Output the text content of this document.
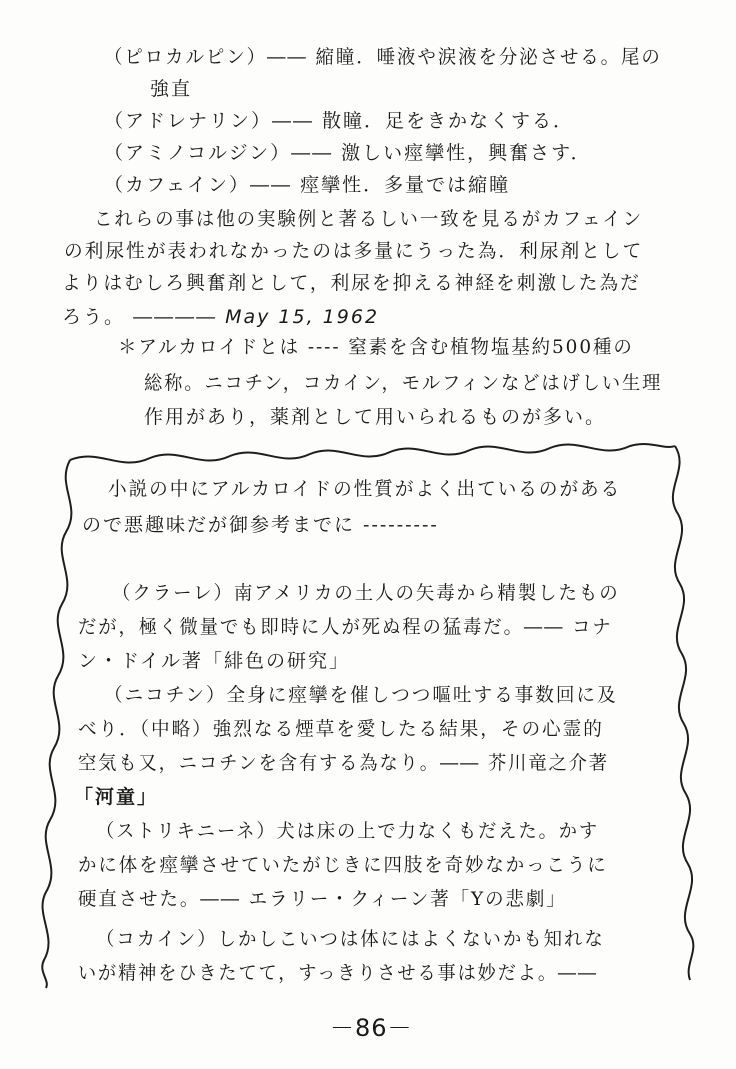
（ピロカルピン）―― 縮瞳．唾液や涙液を分泌させる。尾の
強直
（アドレナリン）―― 散瞳．足をきかなくする．
（アミノコルジン）―― 激しい痙攣性，興奮さす．
（カフェイン）―― 痙攣性．多量では縮瞳
これらの事は他の実験例と著るしい一致を見るがカフェイン
の利尿性が表われなかったのは多量にうった為．利尿剤として
よりはむしろ興奮剤として，利尿を抑える神経を刺激した為だ
ろう。 ―――― May 15, 1962
＊アルカロイドとは ---- 窒素を含む植物塩基約500種の
総称。ニコチン，コカイン，モルフィンなどはげしい生理
作用があり，薬剤として用いられるものが多い。
小説の中にアルカロイドの性質がよく出ているのがある
ので悪趣味だが御参考までに ---------
（クラーレ）南アメリカの土人の矢毒から精製したもの
だが，極く微量でも即時に人が死ぬ程の猛毒だ。―― コナ
ン・ドイル著「緋色の研究」
（ニコチン）全身に痙攣を催しつつ嘔吐する事数回に及
べり．（中略）強烈なる煙草を愛したる結果，その心霊的
空気も又，ニコチンを含有する為なり。―― 芥川竜之介著
「河童」
（ストリキニーネ）犬は床の上で力なくもだえた。かす
かに体を痙攣させていたがじきに四肢を奇妙なかっこうに
硬直させた。―― エラリー・クィーン著「Yの悲劇」
（コカイン）しかしこいつは体にはよくないかも知れな
いが精神をひきたてて，すっきりさせる事は妙だよ。――
－86－
